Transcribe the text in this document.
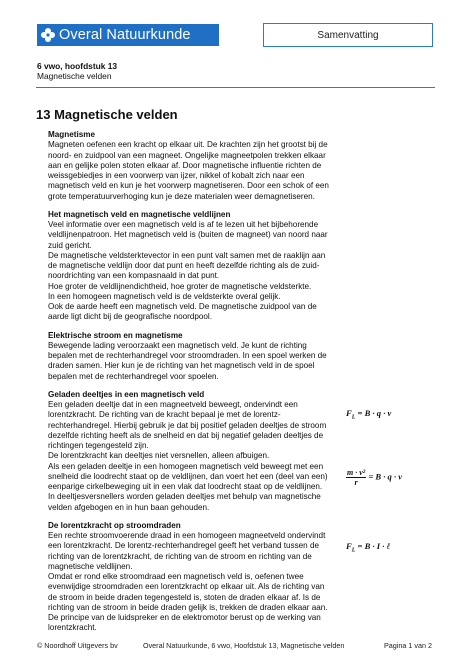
Overal Natuurkunde	Samenvatting
6 vwo, hoofdstuk 13
Magnetische velden
13 Magnetische velden
Magnetisme

Magneten oefenen een kracht op elkaar uit. De krachten zijn het grootst bij de noord- en zuidpool van een magneet. Ongelijke magneetpolen trekken elkaar aan en gelijke polen stoten elkaar af. Door magnetische influentie richten de weissgebiedjes in een voorwerp van ijzer, nikkel of kobalt zich naar een magnetisch veld en kun je het voorwerp magnetiseren. Door een schok of een grote temperatuurverhoging kun je deze materialen weer demagnetiseren.

Het magnetisch veld en magnetische veldlijnen

Veel informatie over een magnetisch veld is af te lezen uit het bijbehorende veldlijnenpatroon. Het magnetisch veld is (buiten de magneet) van noord naar zuid gericht.

De magnetische veldsterktevector in een punt valt samen met de raaklijn aan de magnetische veldlijn door dat punt en heeft dezelfde richting als de zuid-noordrichting van een kompasnaald in dat punt.

Hoe groter de veldlijnendichtheid, hoe groter de magnetische veldsterkte.

In een homogeen magnetisch veld is de veldsterkte overal gelijk.

Ook de aarde heeft een magnetisch veld. De magnetische zuidpool van de aarde ligt dicht bij de geografische noordpool.

Elektrische stroom en magnetisme

Bewegende lading veroorzaakt een magnetisch veld. Je kunt de richting bepalen met de rechterhandregel voor stroomdraden. In een spoel werken de draden samen. Hier kun je de richting van het magnetisch veld in de spoel bepalen met de rechterhandregel voor spoelen.

Geladen deeltjes in een magnetisch veld

Een geladen deeltje dat in een magneetveld beweegt, ondervindt een lorentzkracht. De richting van de kracht bepaal je met de lorentz-rechterhandregel. Hierbij gebruik je dat bij positief geladen deeltjes de stroom dezelfde richting heeft als de snelheid en dat bij negatief geladen deeltjes de richtingen tegengesteld zijn.

De lorentzkracht kan deeltjes niet versnellen, alleen afbuigen.

Als een geladen deeltje in een homogeen magnetisch veld beweegt met een snelheid die loodrecht staat op de veldlijnen, dan voert het een (deel van een) eenparige cirkelbeweging uit in een vlak dat loodrecht staat op de veldlijnen.

In deeltjesversnellers worden geladen deeltjes met behulp van magnetische velden afgebogen en in hun baan gehouden.

De lorentzkracht op stroomdraden

Een rechte stroomvoerende draad in een homogeen magneetveld ondervindt een lorentzkracht. De lorentz-rechterhandregel geeft het verband tussen de richting van de lorentzkracht, de richting van de stroom en richting van de magnetische veldlijnen.

Omdat er rond elke stroomdraad een magnetisch veld is, oefenen twee evenwijdige stroomdraden een lorentzkracht op elkaar uit. Als de richting van de stroom in beide draden tegengesteld is, stoten de draden elkaar af. Is de richting van de stroom in beide draden gelijk is, trekken de draden elkaar aan.

De principe van de luidspreker en de elektromotor berust op de werking van lorentzkracht.

$F_L = B \cdot q \cdot v$
$\frac{\text{m · v²}}{r} = B \cdot q \cdot v$
$F_L = B \cdot I$ · ℓ
© Noordhoff Uitgevers bv	Overal Natuurkunde, 6 vwo, Hoofdstuk 13, Magnetische velden	Pagina 1 van 2
